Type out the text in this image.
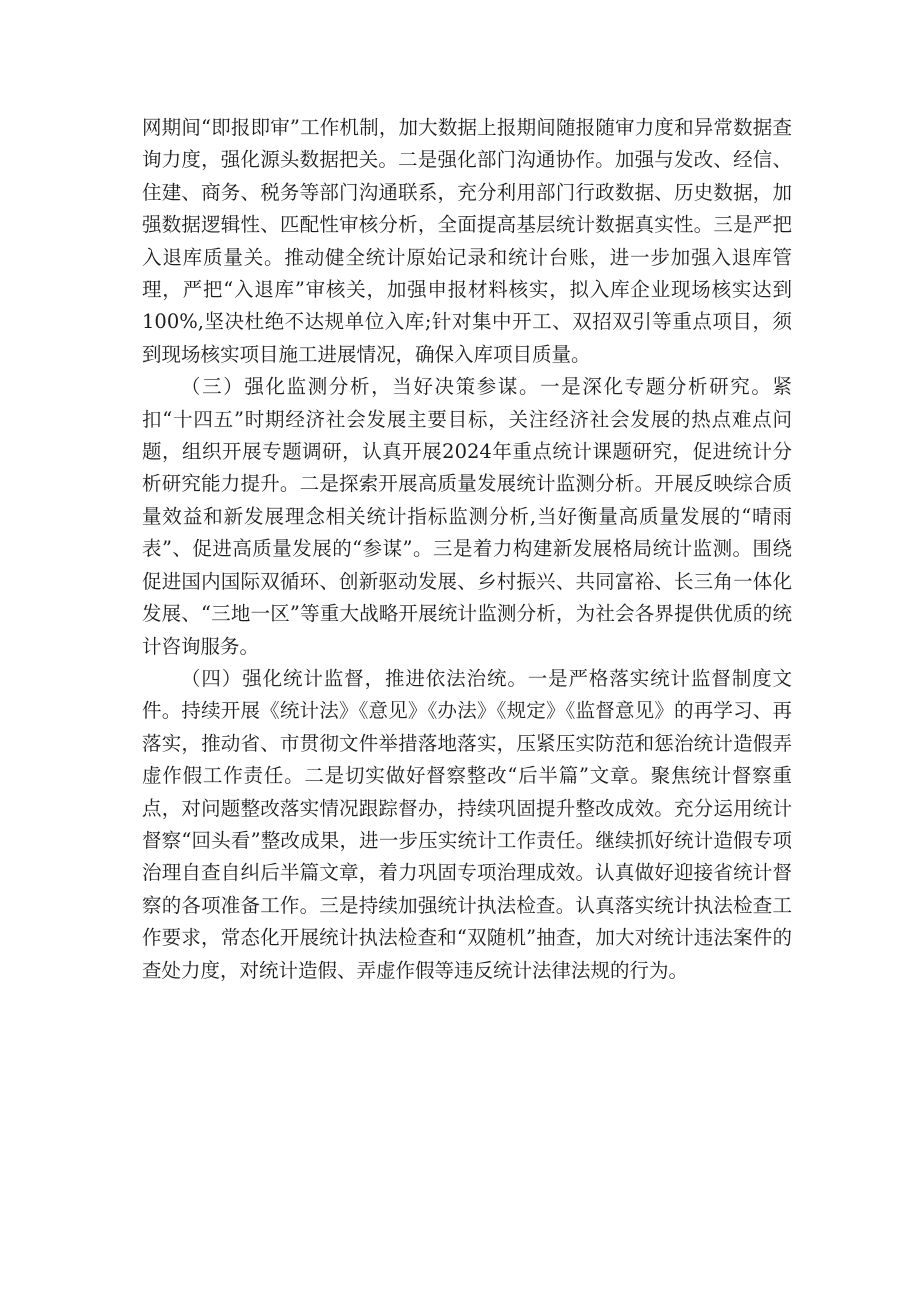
网期间“即报即审”工作机制，加大数据上报期间随报随审力度和异常数据查询力度，强化源头数据把关。二是强化部门沟通协作。加强与发改、经信、住建、商务、税务等部门沟通联系，充分利用部门行政数据、历史数据，加强数据逻辑性、匹配性审核分析，全面提高基层统计数据真实性。三是严把入退库质量关。推动健全统计原始记录和统计台账，进一步加强入退库管理，严把“入退库”审核关，加强申报材料核实，拟入库企业现场核实达到100%,坚决杜绝不达规单位入库;针对集中开工、双招双引等重点项目，须到现场核实项目施工进展情况，确保入库项目质量。

（三）强化监测分析，当好决策参谋。一是深化专题分析研究。紧扣“十四五”时期经济社会发展主要目标，关注经济社会发展的热点难点问题，组织开展专题调研，认真开展2024年重点统计课题研究，促进统计分析研究能力提升。二是探索开展高质量发展统计监测分析。开展反映综合质量效益和新发展理念相关统计指标监测分析,当好衡量高质量发展的“晴雨表”、促进高质量发展的“参谋”。三是着力构建新发展格局统计监测。围绕促进国内国际双循环、创新驱动发展、乡村振兴、共同富裕、长三角一体化发展、“三地一区”等重大战略开展统计监测分析，为社会各界提供优质的统计咨询服务。

（四）强化统计监督，推进依法治统。一是严格落实统计监督制度文件。持续开展《统计法》《意见》《办法》《规定》《监督意见》的再学习、再落实，推动省、市贯彻文件举措落地落实，压紧压实防范和惩治统计造假弄虚作假工作责任。二是切实做好督察整改“后半篇”文章。聚焦统计督察重点，对问题整改落实情况跟踪督办，持续巩固提升整改成效。充分运用统计督察“回头看”整改成果，进一步压实统计工作责任。继续抓好统计造假专项治理自查自纠后半篇文章，着力巩固专项治理成效。认真做好迎接省统计督察的各项准备工作。三是持续加强统计执法检查。认真落实统计执法检查工作要求，常态化开展统计执法检查和“双随机”抽查，加大对统计违法案件的查处力度，对统计造假、弄虚作假等违反统计法律法规的行为。
